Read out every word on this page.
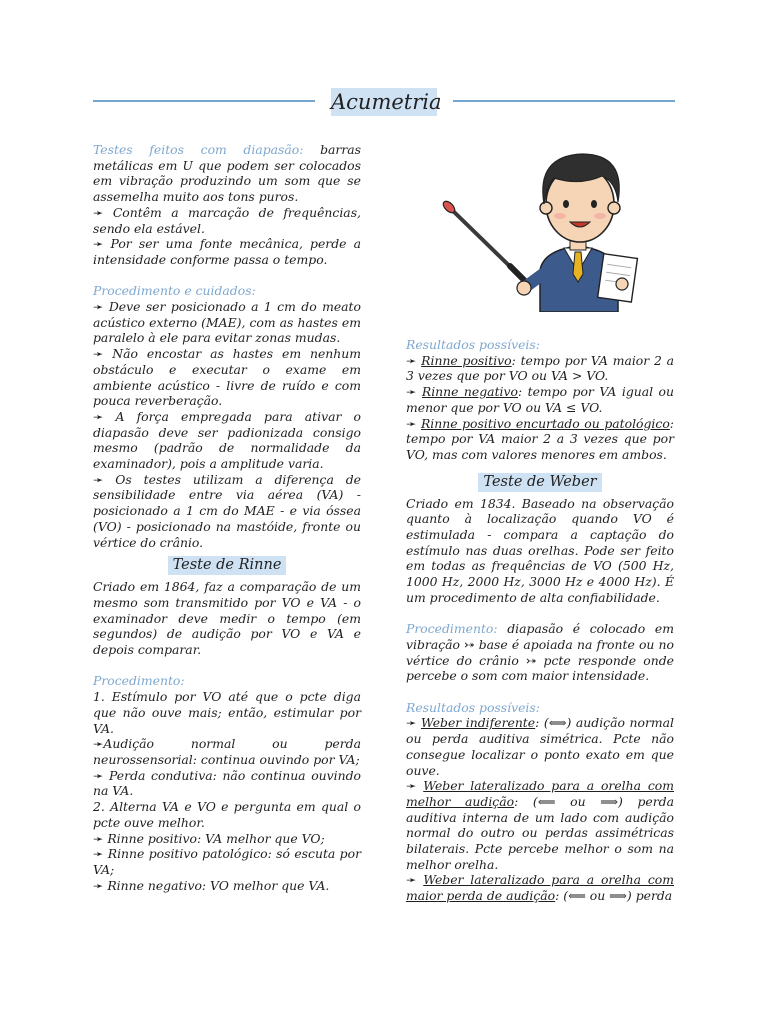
Acumetria

Testes feitos com diapasão: barras metálicas em U que podem ser colocados em vibração produzindo um som que se assemelha muito aos tons puros.

➛ Contêm a marcação de frequências, sendo ela estável.

➛ Por ser uma fonte mecânica, perde a intensidade conforme passa o tempo.

Procedimento e cuidados:

➛ Deve ser posicionado a 1 cm do meato acústico externo (MAE), com as hastes em paralelo à ele para evitar zonas mudas.

➛ Não encostar as hastes em nenhum obstáculo e executar o exame em ambiente acústico - livre de ruído e com pouca reverberação.

➛ A força empregada para ativar o diapasão deve ser padionizada consigo mesmo (padrão de normalidade da examinador), pois a amplitude varia.

➛ Os testes utilizam a diferença de sensibilidade entre via aérea (VA) - posicionado a 1 cm do MAE - e via óssea (VO) - posicionado na mastóide, fronte ou vértice do crânio.

Teste de Rinne

Criado em 1864, faz a comparação de um mesmo som transmitido por VO e VA - o examinador deve medir o tempo (em segundos) de audição por VO e VA e depois comparar.

Procedimento:

1. Estímulo por VO até que o pcte diga que não ouve mais; então, estimular por VA.

➛Audição normal ou perda neurossensorial: continua ouvindo por VA;

➛ Perda condutiva: não continua ouvindo na VA.

2. Alterna VA e VO e pergunta em qual o pcte ouve melhor.

➛ Rinne positivo: VA melhor que VO;

➛ Rinne positivo patológico: só escuta por VA;

➛ Rinne negativo: VO melhor que VA.

Resultados possíveis:

➛ Rinne positivo: tempo por VA maior 2 a 3 vezes que por VO ou VA > VO.

➛ Rinne negativo: tempo por VA igual ou menor que por VO ou VA ≤ VO.

➛ Rinne positivo encurtado ou patológico: tempo por VA maior 2 a 3 vezes que por VO, mas com valores menores em ambos.

Teste de Weber

Criado em 1834. Baseado na observação quanto à localização quando VO é estimulada - compara a captação do estímulo nas duas orelhas. Pode ser feito em todas as frequências de VO (500 Hz, 1000 Hz, 2000 Hz, 3000 Hz e 4000 Hz). É um procedimento de alta confiabilidade.

Procedimento: diapasão é colocado em vibração ⤐ base é apoiada na fronte ou no vértice do crânio ⤐ pcte responde onde percebe o som com maior intensidade.

Resultados possíveis:

➛ Weber indiferente: (⟺) audição normal ou perda auditiva simétrica. Pcte não consegue localizar o ponto exato em que ouve.

➛ Weber lateralizado para a orelha com melhor audição: (⟸ ou ⟹) perda auditiva interna de um lado com audição normal do outro ou perdas assimétricas bilaterais. Pcte percebe melhor o som na melhor orelha.

➛ Weber lateralizado para a orelha com maior perda de audição: (⟸ ou ⟹) perda
